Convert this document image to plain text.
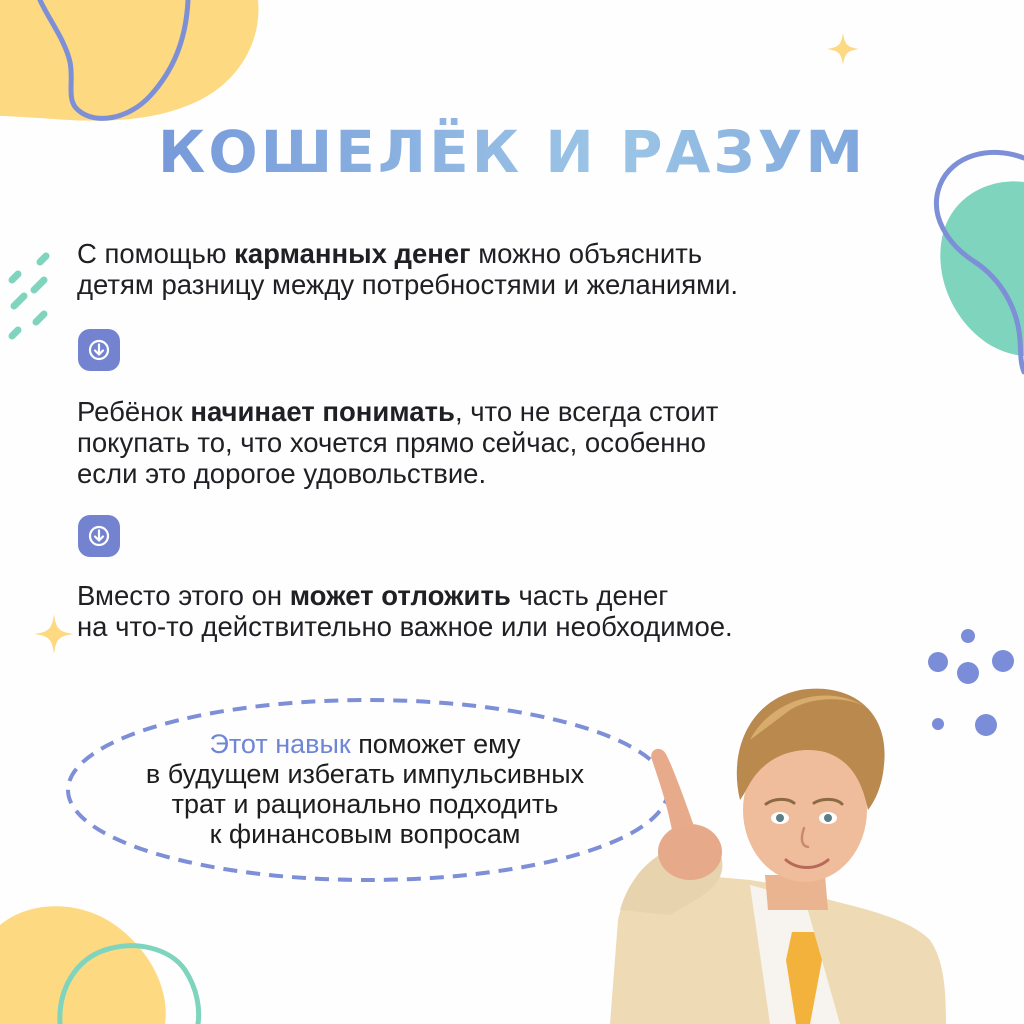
КОШЕЛЁК И РАЗУМ
С помощью карманных денег можно объяснить
детям разницу между потребностями и желаниями.
Ребёнок начинает понимать, что не всегда стоит
покупать то, что хочется прямо сейчас, особенно
если это дорогое удовольствие.
Вместо этого он может отложить часть денег
на что-то действительно важное или необходимое.
Этот навык поможет ему
в будущем избегать импульсивных
трат и рационально подходить
к финансовым вопросам
